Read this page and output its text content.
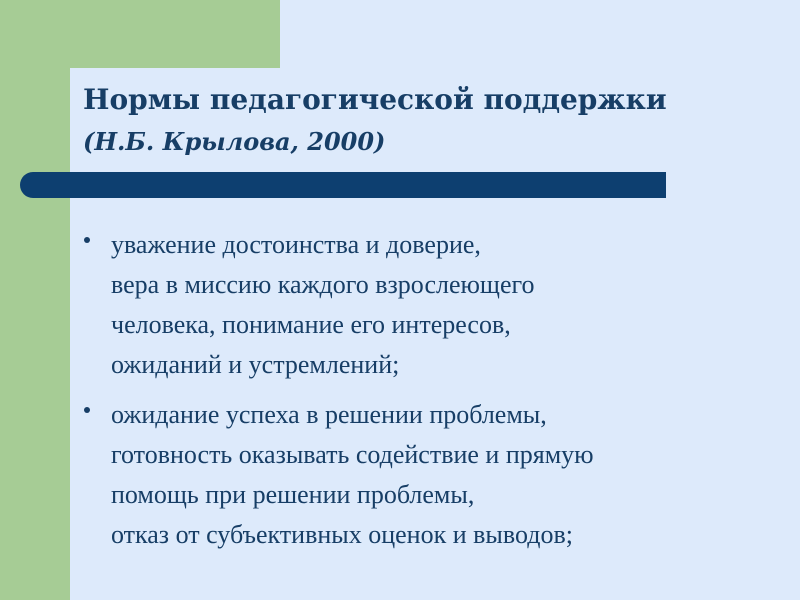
Нормы педагогической поддержки

(Н.Б. Крылова, 2000)

уважение достоинства и доверие,
вера в миссию каждого взрослеющего
человека, понимание его интересов,
ожиданий и устремлений;
ожидание успеха в решении проблемы,
готовность оказывать содействие и прямую
помощь при решении проблемы,
отказ от субъективных оценок и выводов;
